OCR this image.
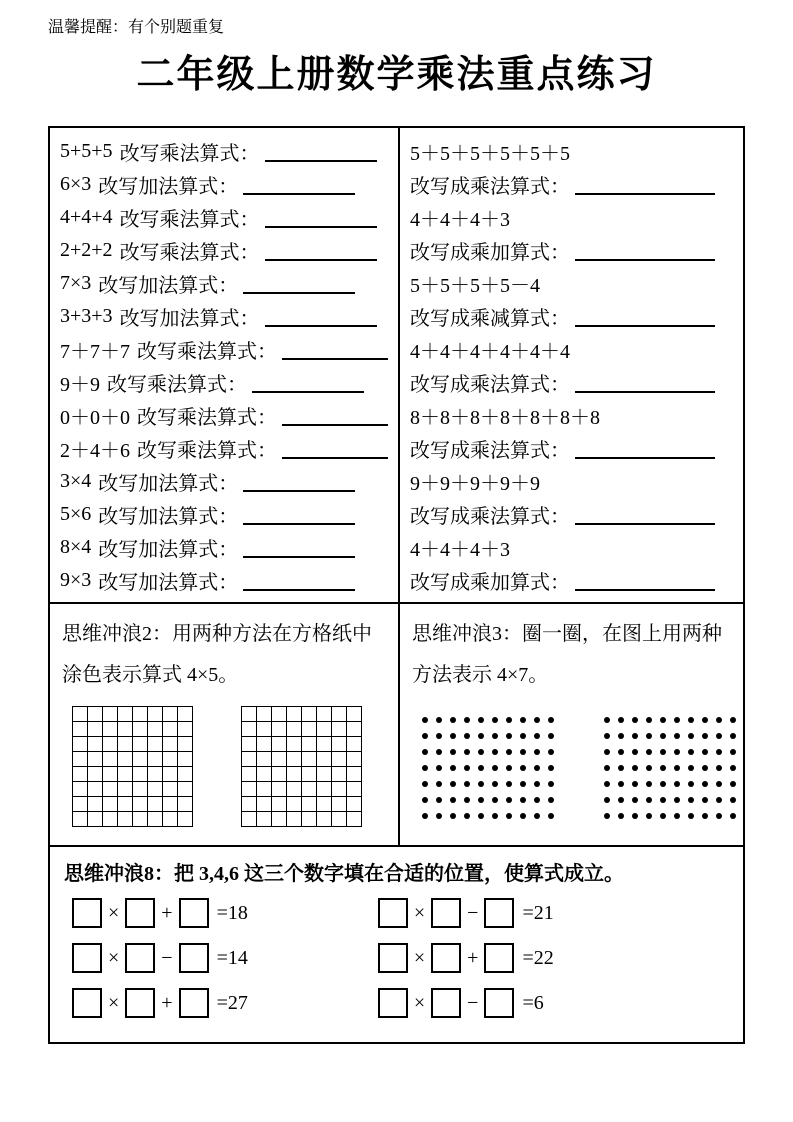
温馨提醒：有个别题重复
二年级上册数学乘法重点练习
5+5+5 改写乘法算式：
6×3 改写加法算式：
4+4+4 改写乘法算式：
2+2+2 改写乘法算式：
7×3 改写加法算式：
3+3+3 改写加法算式：
7＋7＋7 改写乘法算式：
9＋9 改写乘法算式：
0＋0＋0 改写乘法算式：
2＋4＋6 改写乘法算式：
3×4 改写加法算式：
5×6 改写加法算式：
8×4 改写加法算式：
9×3 改写加法算式：
5＋5＋5＋5＋5＋5
改写成乘法算式：
4＋4＋4＋3
改写成乘加算式：
5＋5＋5＋5－4
改写成乘减算式：
4＋4＋4＋4＋4＋4
改写成乘法算式：
8＋8＋8＋8＋8＋8＋8
改写成乘法算式：
9＋9＋9＋9＋9
改写成乘法算式：
4＋4＋4＋3
改写成乘加算式：
思维冲浪2：用两种方法在方格纸中涂色表示算式 4×5。
思维冲浪3：圈一圈，在图上用两种方法表示 4×7。
思维冲浪8：把 3,4,6 这三个数字填在合适的位置，使算式成立。
× + =18
× − =14
× + =27
× − =21
× + =22
× − =6
